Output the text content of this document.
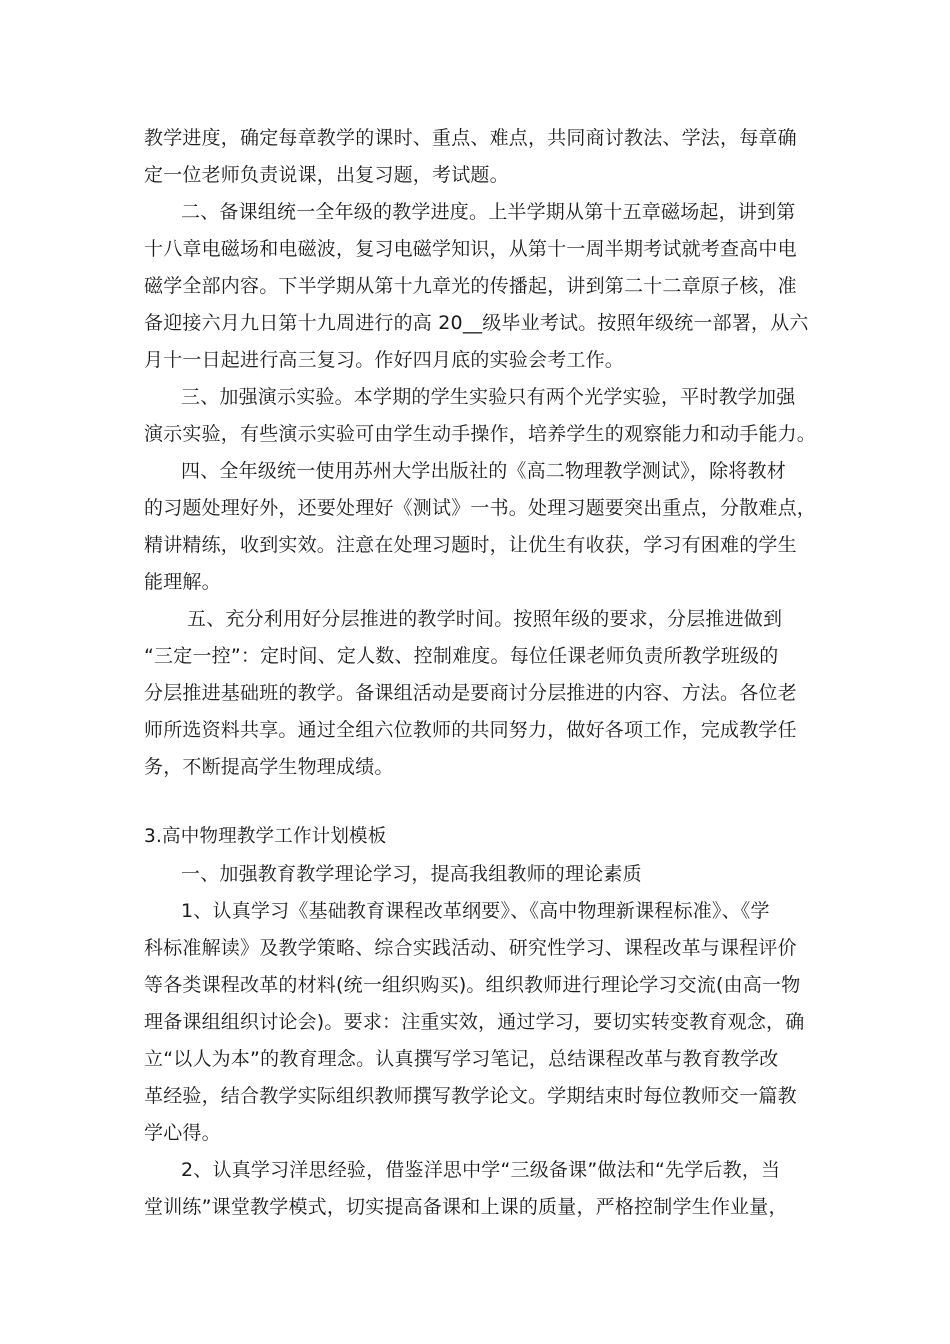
教学进度，确定每章教学的课时、重点、难点，共同商讨教法、学法，每章确
定一位老师负责说课，出复习题，考试题。
二、备课组统一全年级的教学进度。上半学期从第十五章磁场起，讲到第
十八章电磁场和电磁波，复习电磁学知识，从第十一周半期考试就考查高中电
磁学全部内容。下半学期从第十九章光的传播起，讲到第二十二章原子核，准
备迎接六月九日第十九周进行的高 20__级毕业考试。按照年级统一部署，从六
月十一日起进行高三复习。作好四月底的实验会考工作。
三、加强演示实验。本学期的学生实验只有两个光学实验，平时教学加强
演示实验，有些演示实验可由学生动手操作，培养学生的观察能力和动手能力。
四、全年级统一使用苏州大学出版社的《高二物理教学测试》，除将教材
的习题处理好外，还要处理好《测试》一书。处理习题要突出重点，分散难点，
精讲精练，收到实效。注意在处理习题时，让优生有收获，学习有困难的学生
能理解。
五、充分利用好分层推进的教学时间。按照年级的要求，分层推进做到
“三定一控”：定时间、定人数、控制难度。每位任课老师负责所教学班级的
分层推进基础班的教学。备课组活动是要商讨分层推进的内容、方法。各位老
师所选资料共享。通过全组六位教师的共同努力，做好各项工作，完成教学任
务，不断提高学生物理成绩。
3.高中物理教学工作计划模板
一、加强教育教学理论学习，提高我组教师的理论素质
1、认真学习《基础教育课程改革纲要》、《高中物理新课程标准》、《学
科标准解读》及教学策略、综合实践活动、研究性学习、课程改革与课程评价
等各类课程改革的材料(统一组织购买)。组织教师进行理论学习交流(由高一物
理备课组组织讨论会)。要求：注重实效，通过学习，要切实转变教育观念，确
立“以人为本”的教育理念。认真撰写学习笔记，总结课程改革与教育教学改
革经验，结合教学实际组织教师撰写教学论文。学期结束时每位教师交一篇教
学心得。
2、认真学习洋思经验，借鉴洋思中学“三级备课”做法和“先学后教，当
堂训练”课堂教学模式，切实提高备课和上课的质量，严格控制学生作业量，
